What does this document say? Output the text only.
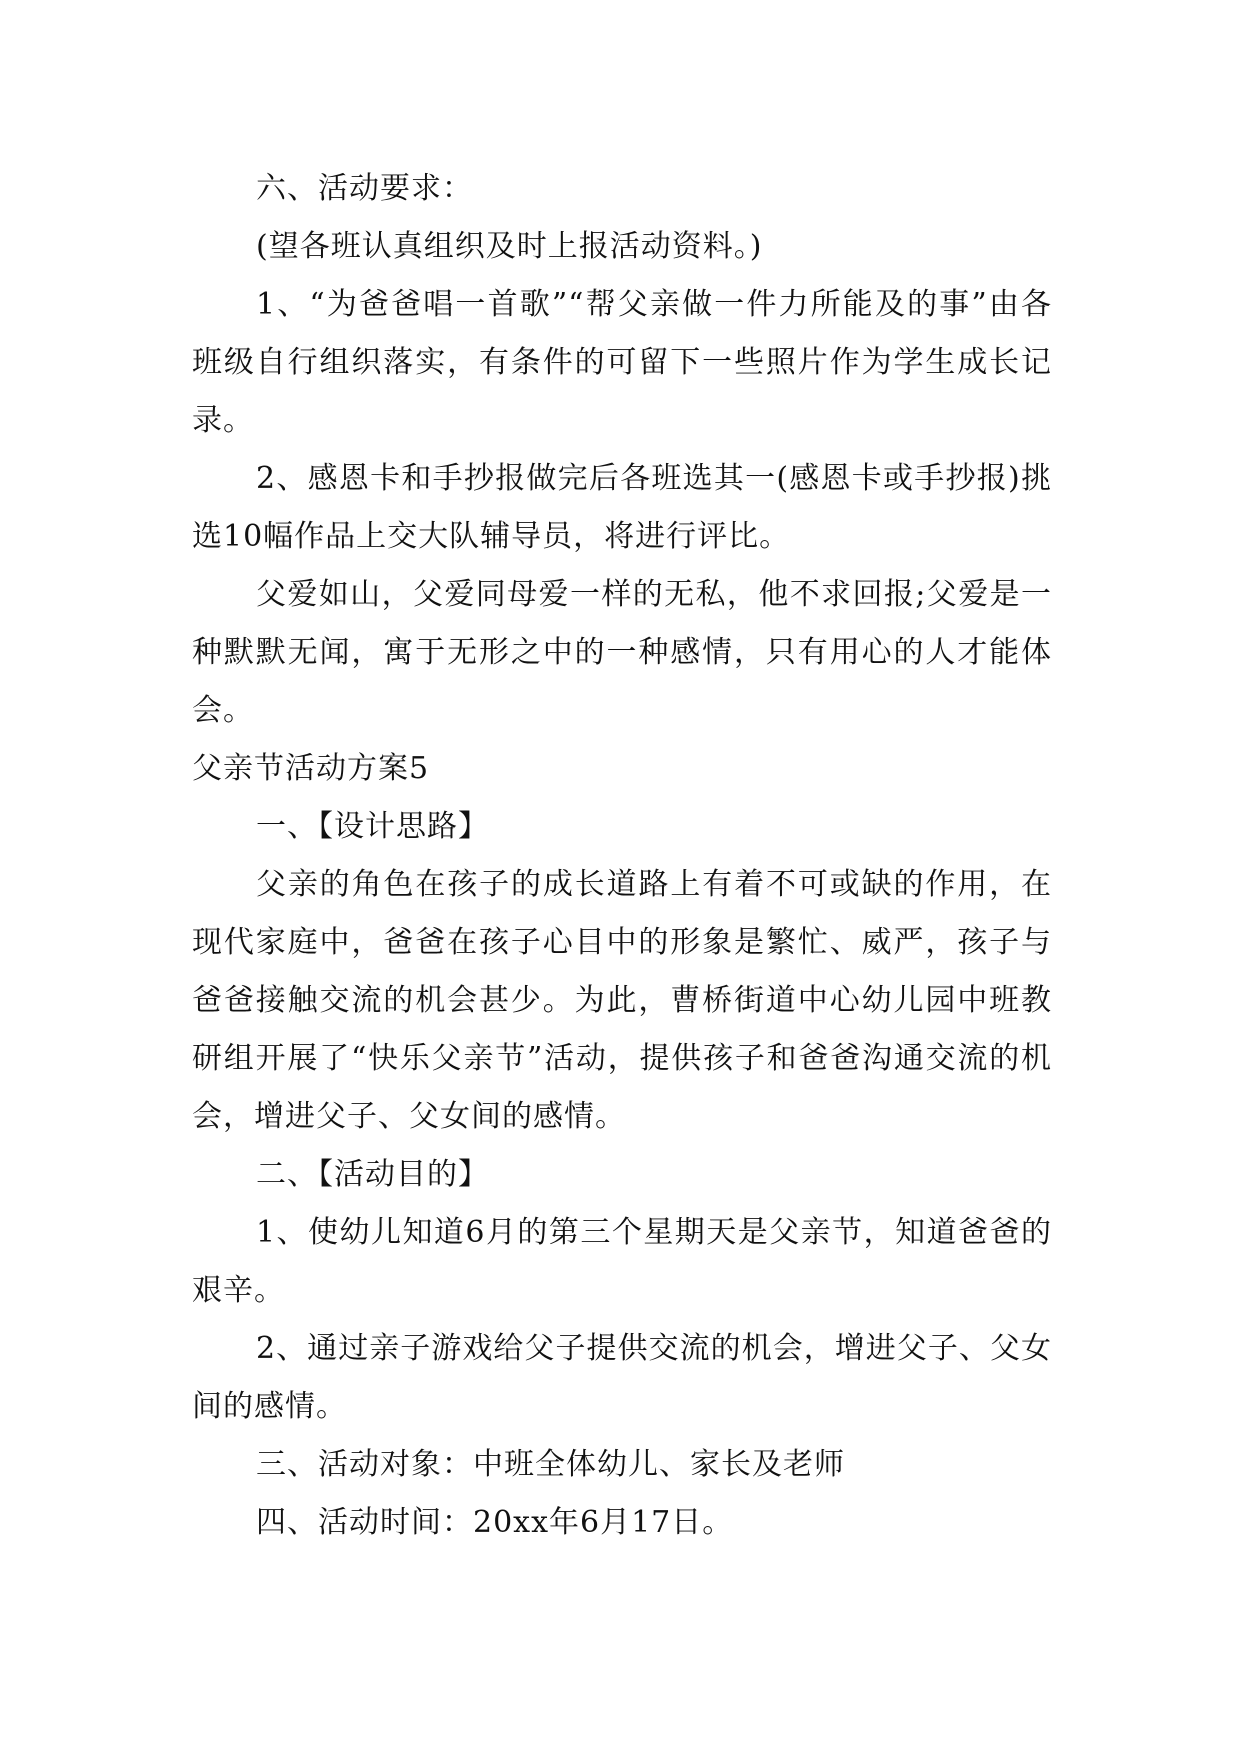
六、活动要求：

(望各班认真组织及时上报活动资料。)

1、“为爸爸唱一首歌”“帮父亲做一件力所能及的事”由各班级自行组织落实，有条件的可留下一些照片作为学生成长记录。

2、感恩卡和手抄报做完后各班选其一(感恩卡或手抄报)挑选10幅作品上交大队辅导员，将进行评比。

父爱如山，父爱同母爱一样的无私，他不求回报;父爱是一种默默无闻，寓于无形之中的一种感情，只有用心的人才能体会。

父亲节活动方案5

一、【设计思路】

父亲的角色在孩子的成长道路上有着不可或缺的作用，在现代家庭中，爸爸在孩子心目中的形象是繁忙、威严，孩子与爸爸接触交流的机会甚少。为此，曹桥街道中心幼儿园中班教研组开展了“快乐父亲节”活动，提供孩子和爸爸沟通交流的机会，增进父子、父女间的感情。

二、【活动目的】

1、使幼儿知道6月的第三个星期天是父亲节，知道爸爸的艰辛。

2、通过亲子游戏给父子提供交流的机会，增进父子、父女间的感情。

三、活动对象：中班全体幼儿、家长及老师

四、活动时间：20xx年6月17日。
